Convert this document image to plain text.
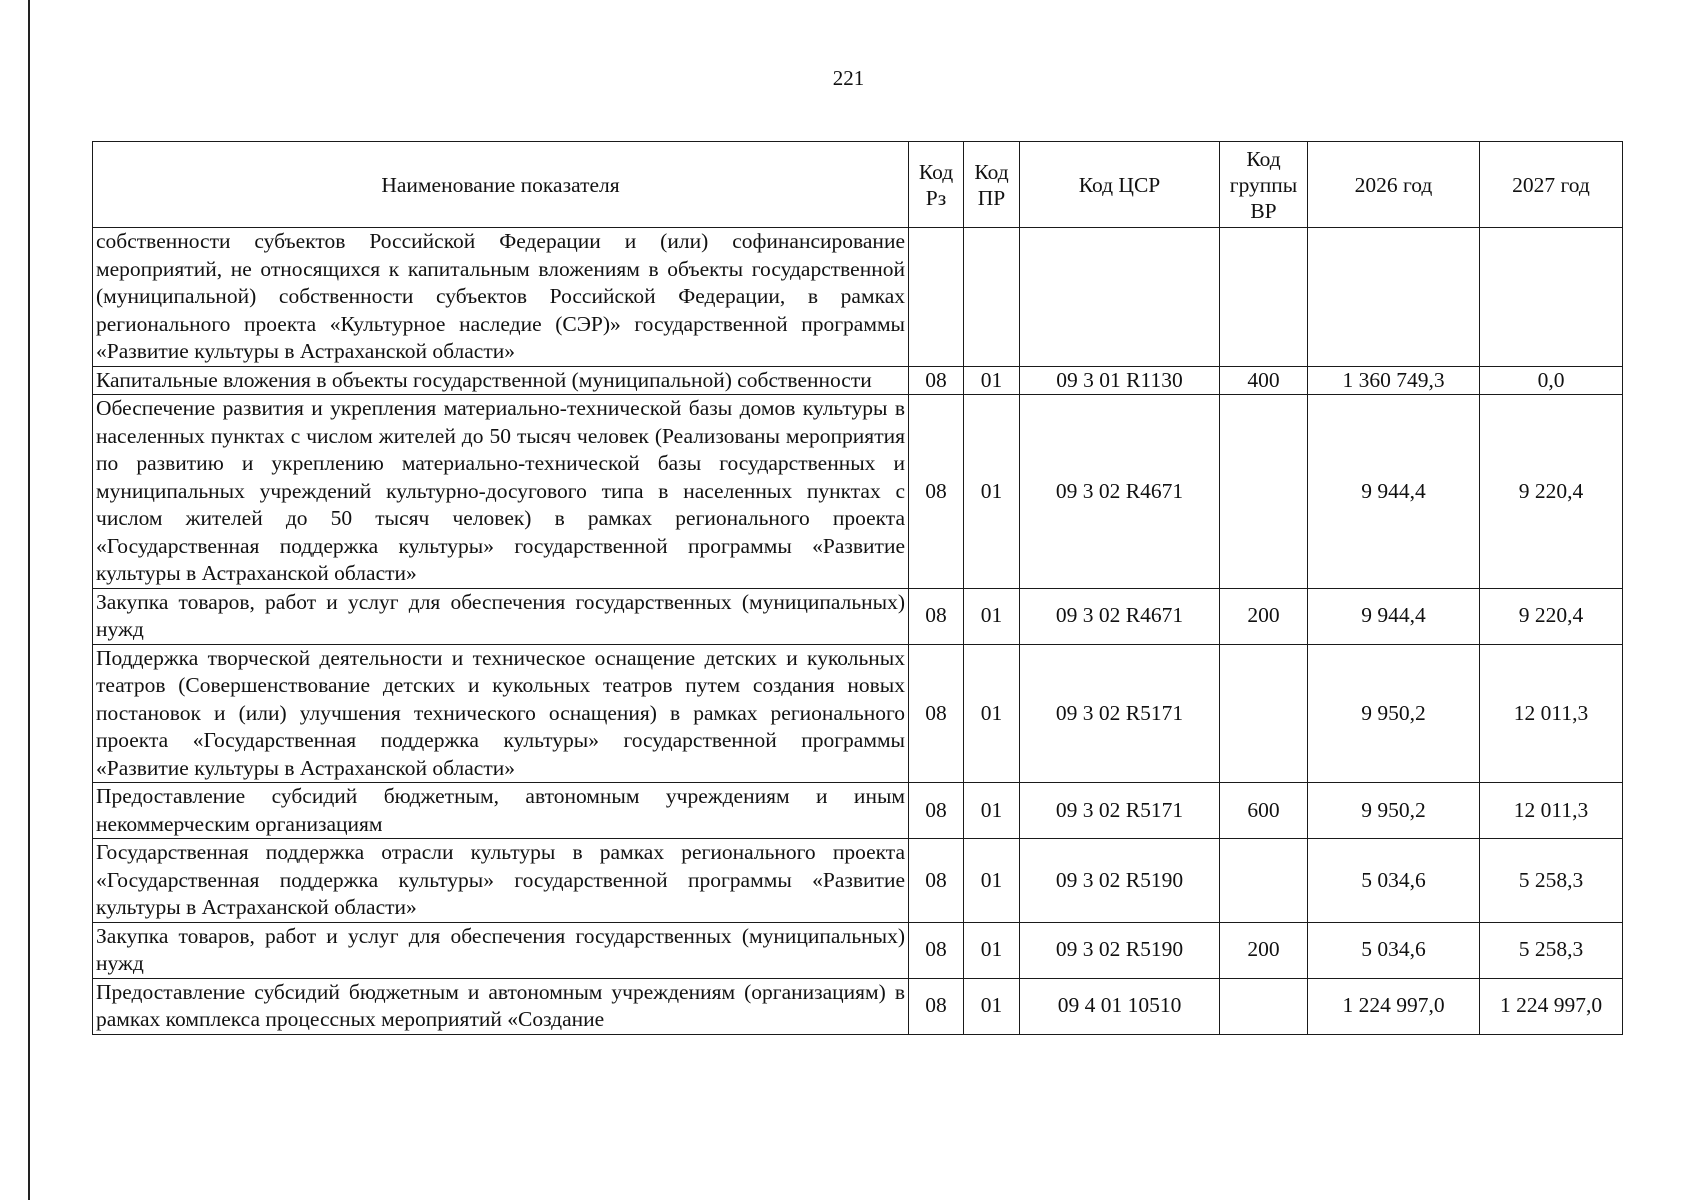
221
Наименование показателя	Код Рз	Код ПР	Код ЦСР	Код группы ВР	2026 год	2027 год
собственности субъектов Российской Федерации и (или) софинансирование мероприятий, не относящихся к капитальным вложениям в объекты государственной (муниципальной) собственности субъектов Российской Федерации, в рамках регионального проекта «Культурное наследие (СЭР)» государственной программы «Развитие культуры в Астраханской области»						
Капитальные вложения в объекты государственной (муниципальной) собственности	08	01	09 3 01 R1130	400	1 360 749,3	0,0
Обеспечение развития и укрепления материально-технической базы домов культуры в населенных пунктах с числом жителей до 50 тысяч человек (Реализованы мероприятия по развитию и укреплению материально-технической базы государственных и муниципальных учреждений культурно-досугового типа в населенных пунктах с числом жителей до 50 тысяч человек) в рамках регионального проекта «Государственная поддержка культуры» государственной программы «Развитие культуры в Астраханской области»	08	01	09 3 02 R4671		9 944,4	9 220,4
Закупка товаров, работ и услуг для обеспечения государственных (муниципальных) нужд	08	01	09 3 02 R4671	200	9 944,4	9 220,4
Поддержка творческой деятельности и техническое оснащение детских и кукольных театров (Совершенствование детских и кукольных театров путем создания новых постановок и (или) улучшения технического оснащения) в рамках регионального проекта «Государственная поддержка культуры» государственной программы «Развитие культуры в Астраханской области»	08	01	09 3 02 R5171		9 950,2	12 011,3
Предоставление субсидий бюджетным, автономным учреждениям и иным некоммерческим организациям	08	01	09 3 02 R5171	600	9 950,2	12 011,3
Государственная поддержка отрасли культуры в рамках регионального проекта «Государственная поддержка культуры» государственной программы «Развитие культуры в Астраханской области»	08	01	09 3 02 R5190		5 034,6	5 258,3
Закупка товаров, работ и услуг для обеспечения государственных (муниципальных) нужд	08	01	09 3 02 R5190	200	5 034,6	5 258,3
Предоставление субсидий бюджетным и автономным учреждениям (организациям) в рамках комплекса процессных мероприятий «Создание	08	01	09 4 01 10510		1 224 997,0	1 224 997,0
